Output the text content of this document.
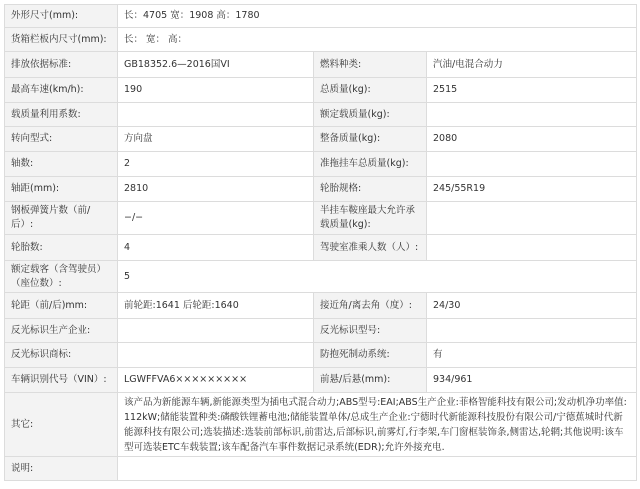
外形尺寸(mm):	长：4705 宽：1908 高：1780		
货箱栏板内尺寸(mm):	长： 宽： 高：		
排放依据标准:	GB18352.6—2016国VI	燃料种类:	汽油/电混合动力
最高车速(km/h):	190	总质量(kg):	2515
载质量利用系数:		额定载质量(kg):	
转向型式:	方向盘	整备质量(kg):	2080
轴数:	2	准拖挂车总质量(kg):	
轴距(mm):	2810	轮胎规格:	245/55R19
钢板弹簧片数（前/后）:	−/−	半挂车鞍座最大允许承载质量(kg):	
轮胎数:	4	驾驶室准乘人数（人）:	
额定载客（含驾驶员）（座位数）:	5		
轮距（前/后)mm:	前轮距:1641 后轮距:1640	接近角/离去角（度）:	24/30
反光标识生产企业:		反光标识型号:	
反光标识商标:		防抱死制动系统:	有
车辆识别代号（VIN）:	LGWFFVA6×××××××××	前悬/后悬(mm):	934/961
其它:	该产品为新能源车辆,新能源类型为插电式混合动力;ABS型号:EAI;ABS生产企业:菲格智能科技有限公司;发动机净功率值:112kW;储能装置种类:磷酸铁锂蓄电池;储能装置单体/总成生产企业:宁德时代新能源科技股份有限公司/宁德蕉城时代新能源科技有限公司;选装描述:选装前部标识,前雷达,后部标识,前雾灯,行李架,车门窗框装饰条,侧雷达,轮辋;其他说明:该车型可选装ETC车载装置;该车配备汽车事件数据记录系统(EDR);允许外接充电.		
说明:			
